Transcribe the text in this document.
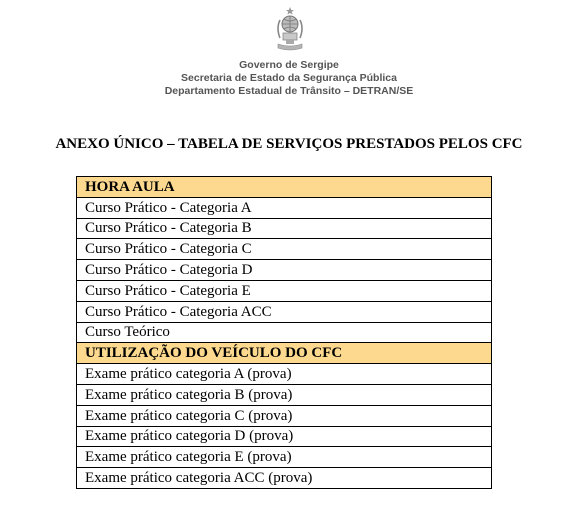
Governo de Sergipe
Secretaria de Estado da Segurança Pública
Departamento Estadual de Trânsito – DETRAN/SE
ANEXO ÚNICO – TABELA DE SERVIÇOS PRESTADOS PELOS CFC
HORA AULA
Curso Prático - Categoria A
Curso Prático - Categoria B
Curso Prático - Categoria C
Curso Prático - Categoria D
Curso Prático - Categoria E
Curso Prático - Categoria ACC
Curso Teórico
UTILIZAÇÃO DO VEÍCULO DO CFC
Exame prático categoria A (prova)
Exame prático categoria B (prova)
Exame prático categoria C (prova)
Exame prático categoria D (prova)
Exame prático categoria E (prova)
Exame prático categoria ACC (prova)
